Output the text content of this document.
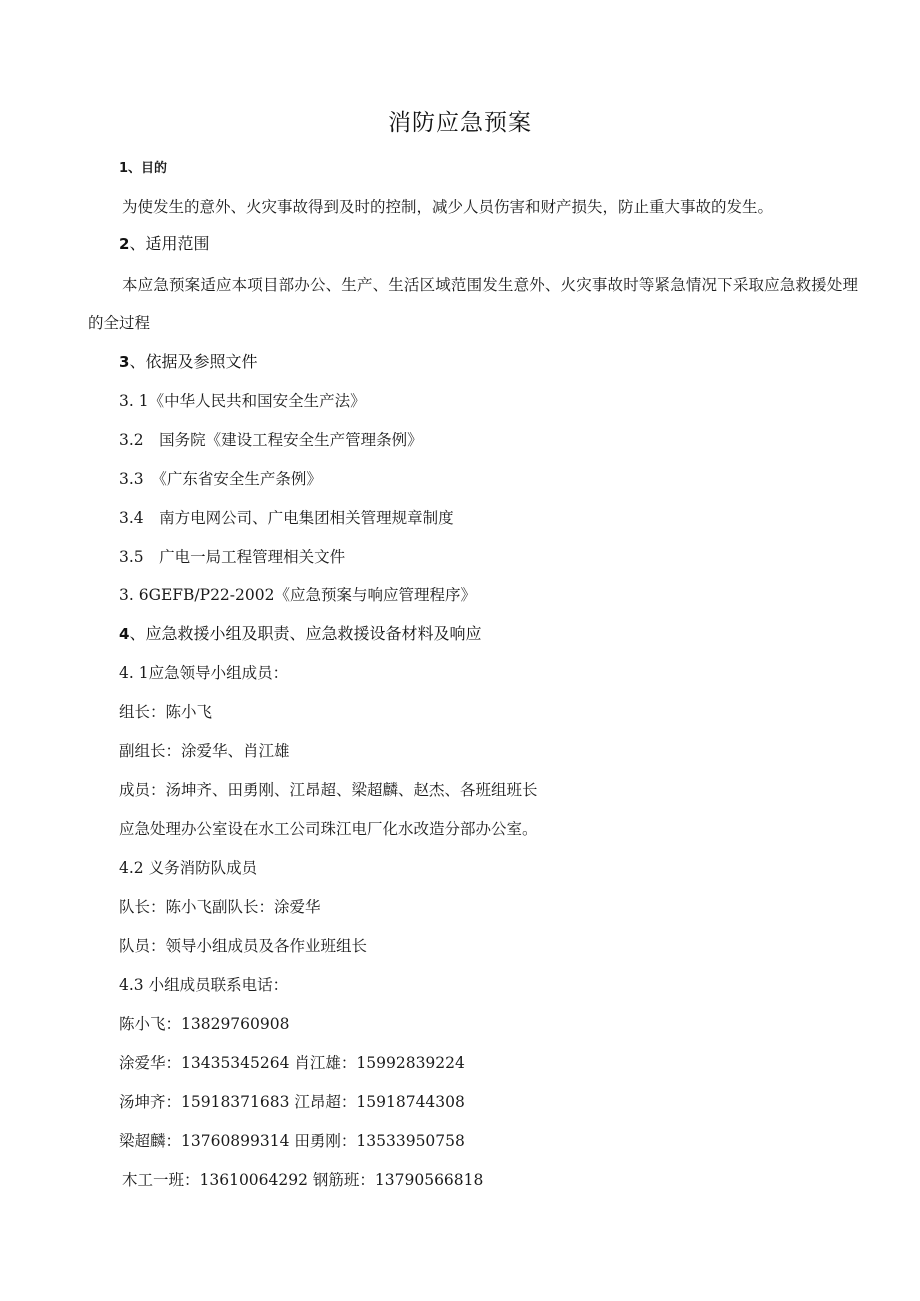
消防应急预案
1、目的
为使发生的意外、火灾事故得到及时的控制，减少人员伤害和财产损失，防止重大事故的发生。
2、适用范围
本应急预案适应本项目部办公、生产、生活区域范围发生意外、火灾事故时等紧急情况下采取应急救援处理的全过程
3、依据及参照文件
3. 1《中华人民共和国安全生产法》
3.2　国务院《建设工程安全生产管理条例》
3.3　《广东省安全生产条例》
3.4　南方电网公司、广电集团相关管理规章制度
3.5　广电一局工程管理相关文件
3. 6GEFB/P22-2002《应急预案与响应管理程序》
4、应急救援小组及职责、应急救援设备材料及响应
4. 1应急领导小组成员：
组长：陈小飞
副组长：涂爱华、肖江雄
成员：汤坤齐、田勇刚、江昂超、梁超麟、赵杰、各班组班长
应急处理办公室设在水工公司珠江电厂化水改造分部办公室。
4.2 义务消防队成员
队长：陈小飞副队长：涂爱华
队员：领导小组成员及各作业班组长
4.3 小组成员联系电话：
陈小飞：13829760908
涂爱华：13435345264 肖江雄：15992839224
汤坤齐：15918371683 江昂超：15918744308
梁超麟：13760899314 田勇刚：13533950758
木工一班：13610064292 钢筋班：13790566818
